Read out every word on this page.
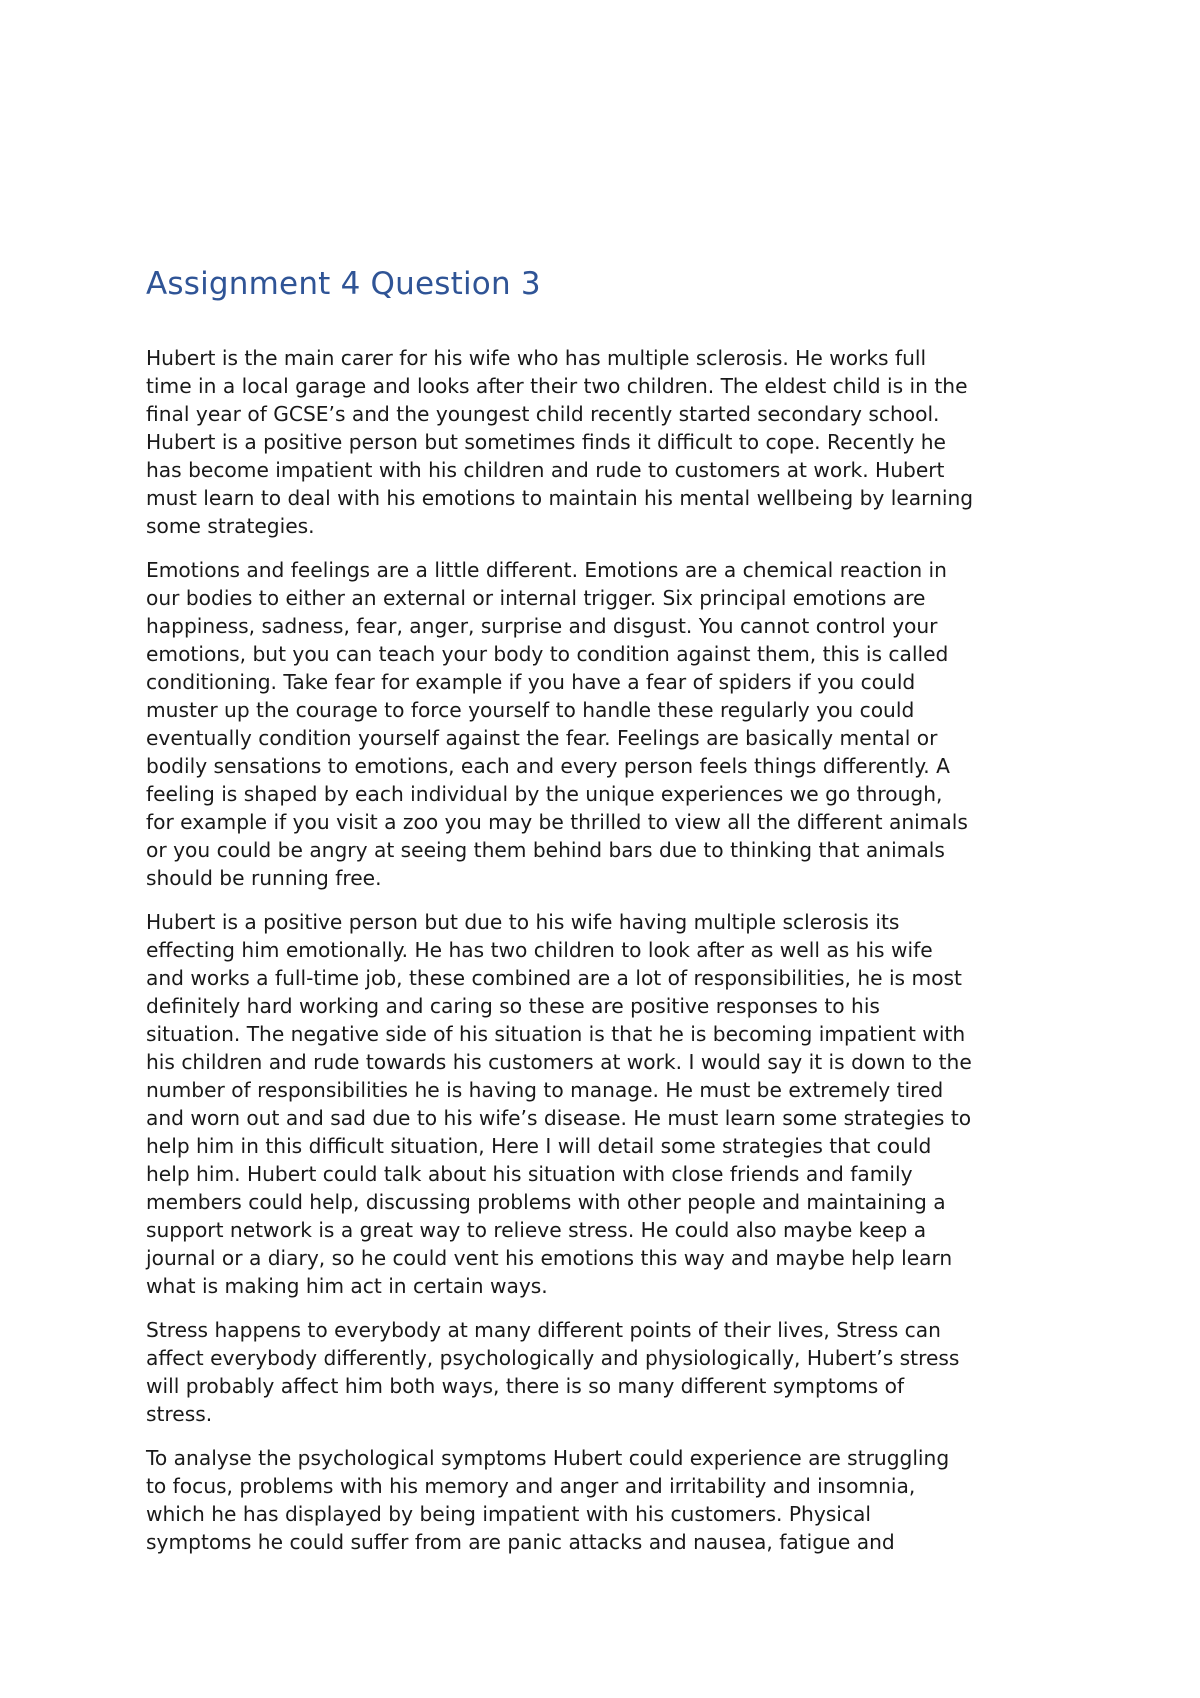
Assignment 4 Question 3

Hubert is the main carer for his wife who has multiple sclerosis. He works full
time in a local garage and looks after their two children. The eldest child is in the
final year of GCSE’s and the youngest child recently started secondary school.
Hubert is a positive person but sometimes finds it difficult to cope. Recently he
has become impatient with his children and rude to customers at work. Hubert
must learn to deal with his emotions to maintain his mental wellbeing by learning
some strategies.

Emotions and feelings are a little different. Emotions are a chemical reaction in
our bodies to either an external or internal trigger. Six principal emotions are
happiness, sadness, fear, anger, surprise and disgust. You cannot control your
emotions, but you can teach your body to condition against them, this is called
conditioning. Take fear for example if you have a fear of spiders if you could
muster up the courage to force yourself to handle these regularly you could
eventually condition yourself against the fear. Feelings are basically mental or
bodily sensations to emotions, each and every person feels things differently. A
feeling is shaped by each individual by the unique experiences we go through,
for example if you visit a zoo you may be thrilled to view all the different animals
or you could be angry at seeing them behind bars due to thinking that animals
should be running free.

Hubert is a positive person but due to his wife having multiple sclerosis its
effecting him emotionally. He has two children to look after as well as his wife
and works a full-time job, these combined are a lot of responsibilities, he is most
definitely hard working and caring so these are positive responses to his
situation. The negative side of his situation is that he is becoming impatient with
his children and rude towards his customers at work. I would say it is down to the
number of responsibilities he is having to manage. He must be extremely tired
and worn out and sad due to his wife’s disease. He must learn some strategies to
help him in this difficult situation, Here I will detail some strategies that could
help him. Hubert could talk about his situation with close friends and family
members could help, discussing problems with other people and maintaining a
support network is a great way to relieve stress. He could also maybe keep a
journal or a diary, so he could vent his emotions this way and maybe help learn
what is making him act in certain ways.

Stress happens to everybody at many different points of their lives, Stress can
affect everybody differently, psychologically and physiologically, Hubert’s stress
will probably affect him both ways, there is so many different symptoms of
stress.

To analyse the psychological symptoms Hubert could experience are struggling
to focus, problems with his memory and anger and irritability and insomnia,
which he has displayed by being impatient with his customers. Physical
symptoms he could suffer from are panic attacks and nausea, fatigue and
